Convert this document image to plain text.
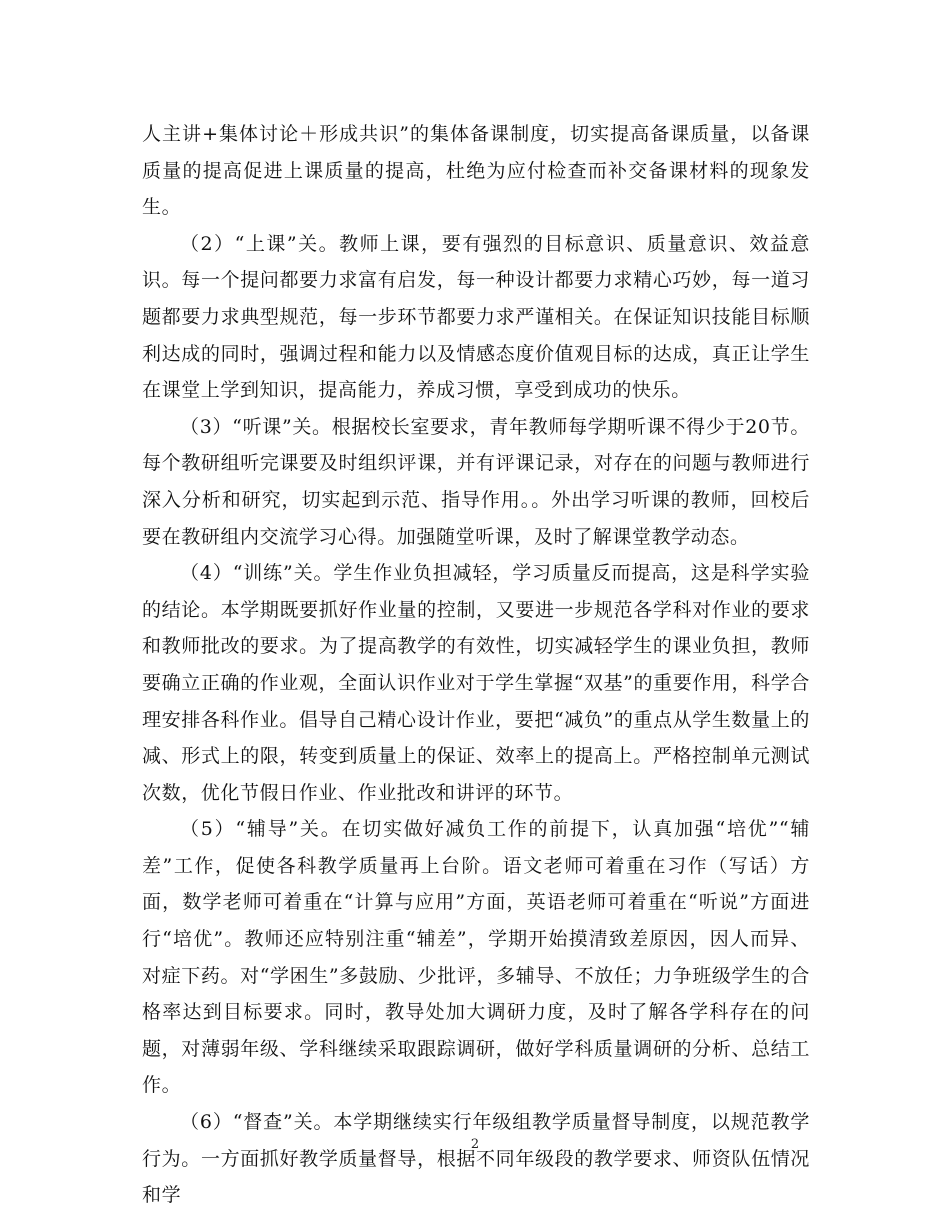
人主讲+集体讨论＋形成共识”的集体备课制度，切实提高备课质量，以备课质量的提高促进上课质量的提高，杜绝为应付检查而补交备课材料的现象发生。

（2）“上课”关。教师上课，要有强烈的目标意识、质量意识、效益意识。每一个提问都要力求富有启发，每一种设计都要力求精心巧妙，每一道习题都要力求典型规范，每一步环节都要力求严谨相关。在保证知识技能目标顺利达成的同时，强调过程和能力以及情感态度价值观目标的达成，真正让学生在课堂上学到知识，提高能力，养成习惯，享受到成功的快乐。

（3）“听课”关。根据校长室要求，青年教师每学期听课不得少于20节。 每个教研组听完课要及时组织评课，并有评课记录，对存在的问题与教师进行深入分析和研究，切实起到示范、指导作用。。外出学习听课的教师，回校后要在教研组内交流学习心得。加强随堂听课，及时了解课堂教学动态。

（4）“训练”关。学生作业负担减轻，学习质量反而提高，这是科学实验的结论。本学期既要抓好作业量的控制，又要进一步规范各学科对作业的要求和教师批改的要求。为了提高教学的有效性，切实减轻学生的课业负担，教师要确立正确的作业观，全面认识作业对于学生掌握“双基”的重要作用，科学合理安排各科作业。倡导自己精心设计作业，要把“减负”的重点从学生数量上的减、形式上的限，转变到质量上的保证、效率上的提高上。严格控制单元测试次数，优化节假日作业、作业批改和讲评的环节。

（5）“辅导”关。在切实做好减负工作的前提下，认真加强“培优”“辅差”工作，促使各科教学质量再上台阶。语文老师可着重在习作（写话）方面，数学老师可着重在“计算与应用”方面，英语老师可着重在“听说”方面进行“培优”。教师还应特别注重“辅差”，学期开始摸清致差原因，因人而异、对症下药。对“学困生”多鼓励、少批评，多辅导、不放任；力争班级学生的合格率达到目标要求。同时，教导处加大调研力度，及时了解各学科存在的问题，对薄弱年级、学科继续采取跟踪调研，做好学科质量调研的分析、总结工作。

（6）“督查”关。本学期继续实行年级组教学质量督导制度，以规范教学行为。一方面抓好教学质量督导，根据不同年级段的教学要求、师资队伍情况和学

2
